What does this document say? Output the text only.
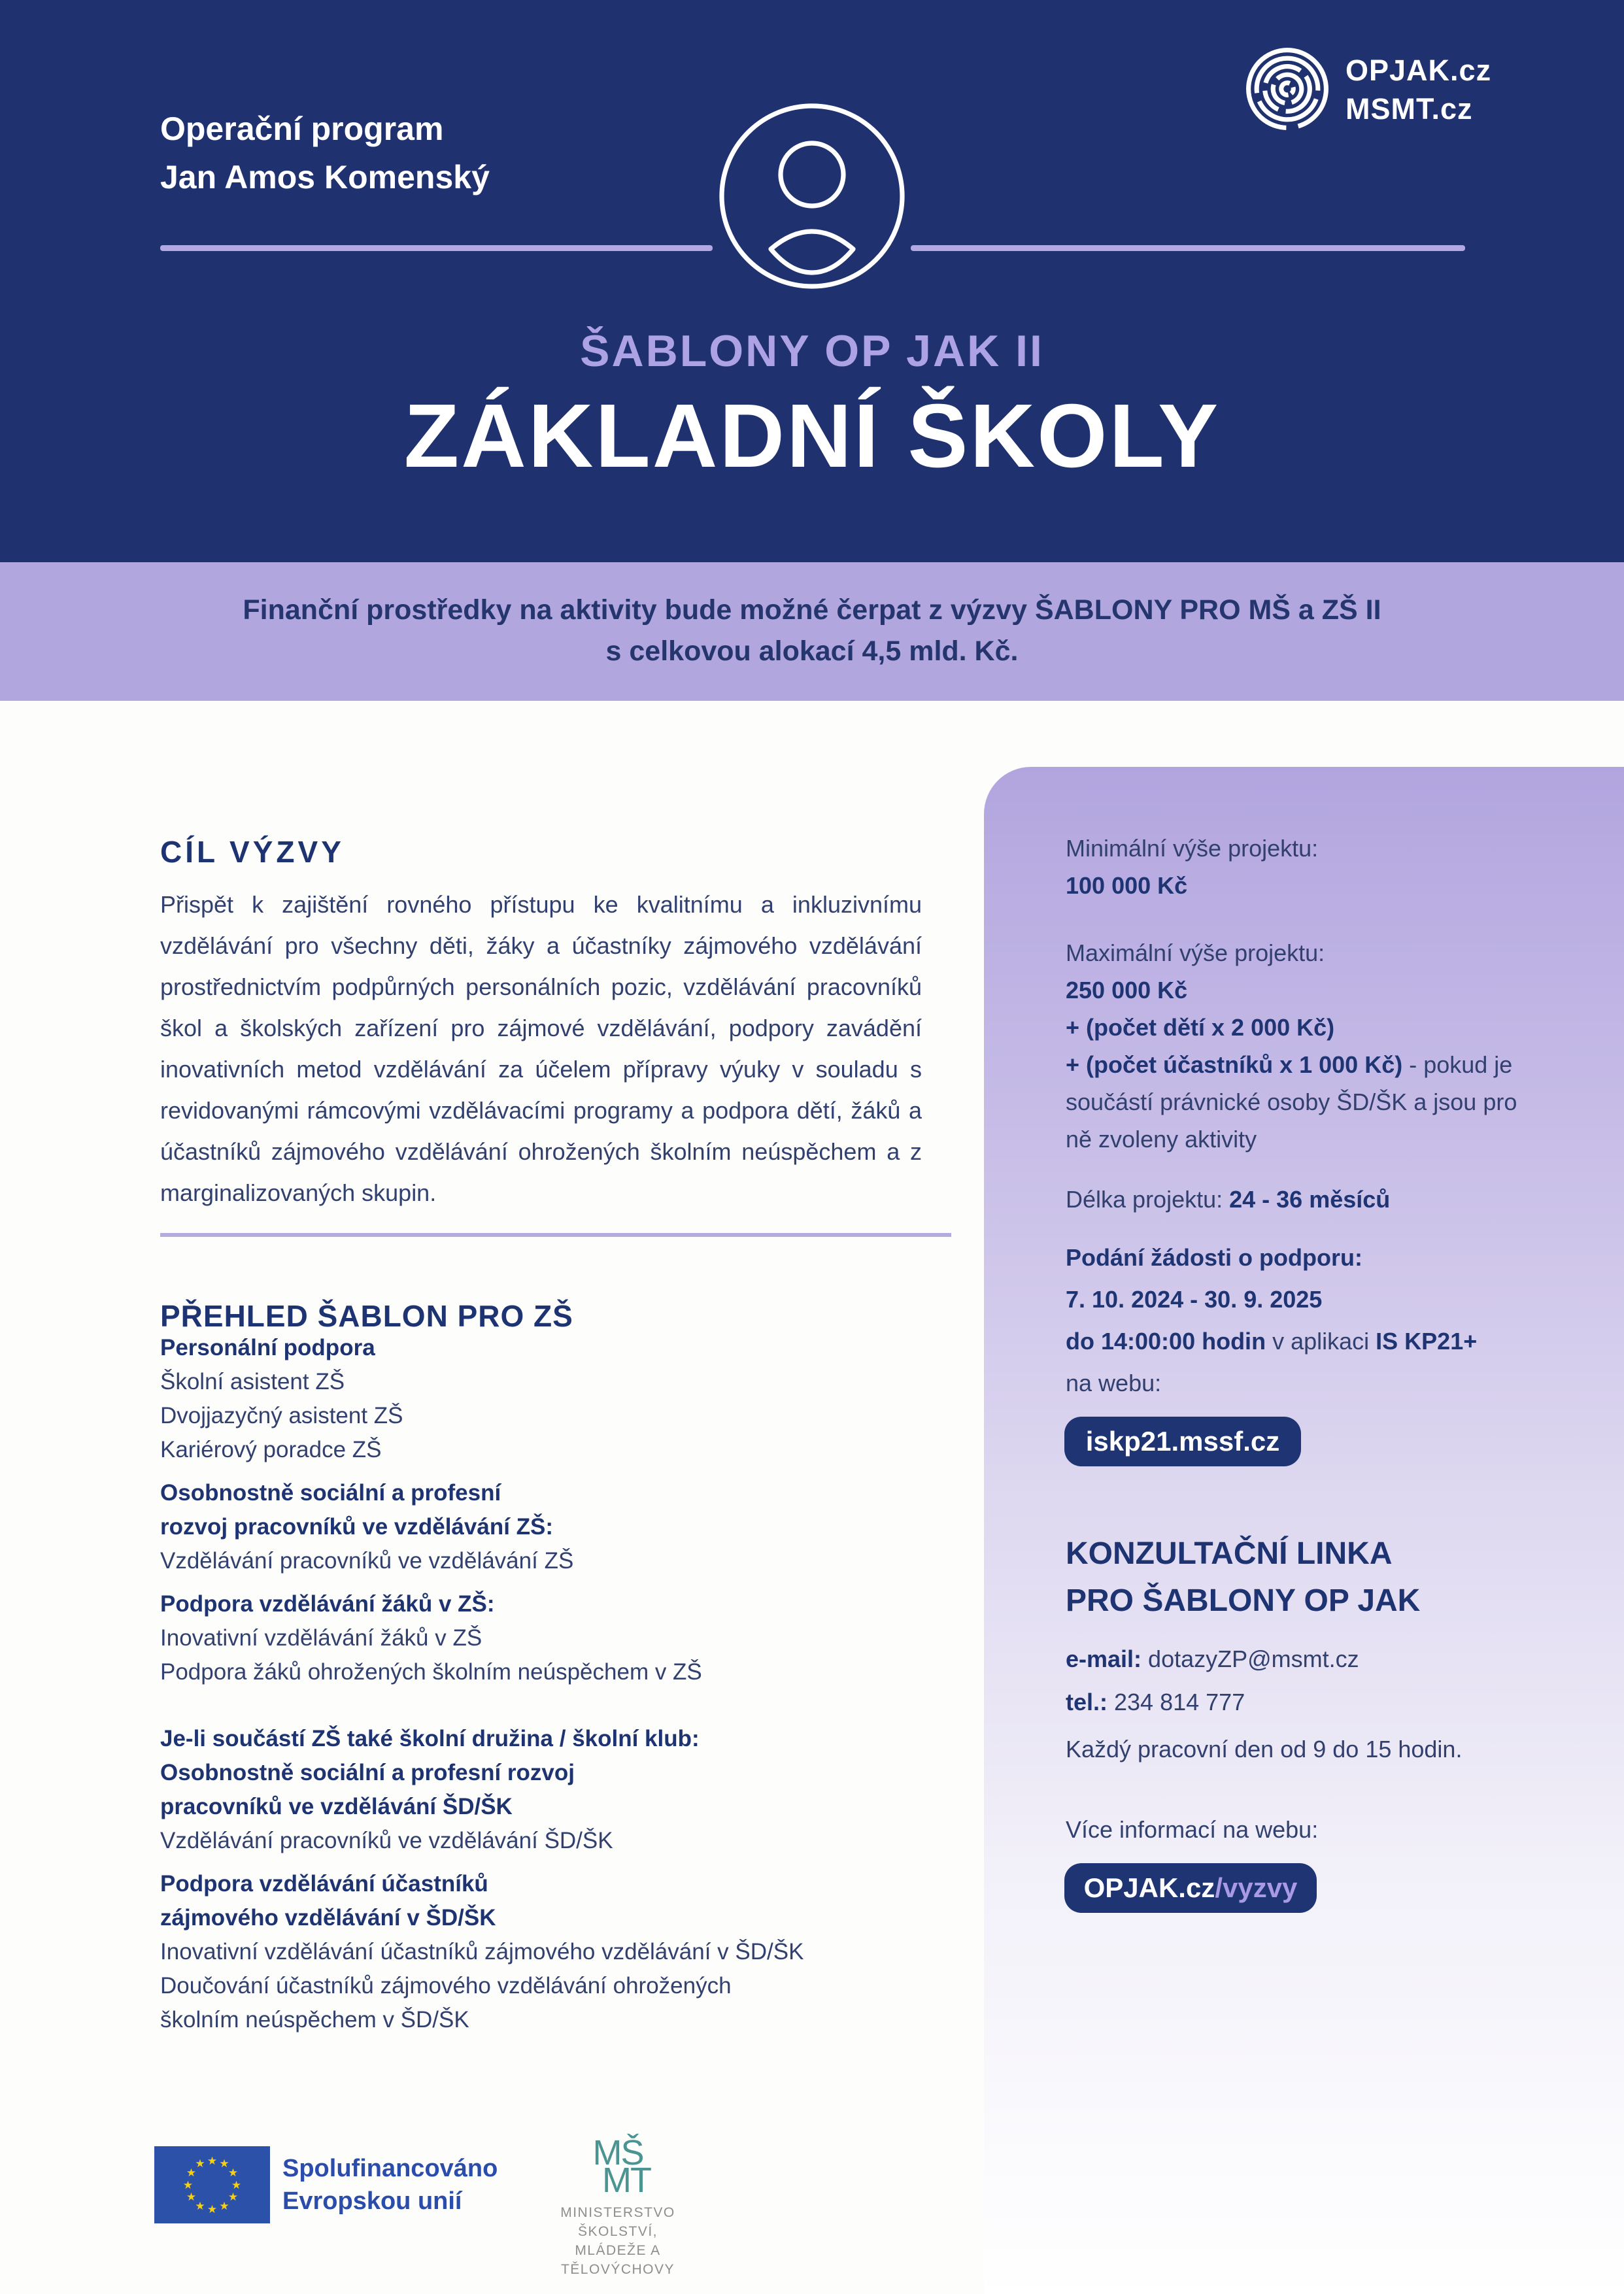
Operační program
Jan Amos Komenský
OPJAK.cz
MSMT.cz
ŠABLONY OP JAK II
ZÁKLADNÍ ŠKOLY
Finanční prostředky na aktivity bude možné čerpat z výzvy ŠABLONY PRO MŠ a ZŠ II
s celkovou alokací 4,5 mld. Kč.
CÍL VÝZVY

Přispět k zajištění rovného přístupu ke kvalitnímu a inkluzivnímu vzdělávání pro všechny děti, žáky a účastníky zájmového vzdělávání prostřednictvím podpůrných personálních pozic, vzdělávání pracovníků škol a školských zařízení pro zájmové vzdělávání, podpory zavádění inovativních metod vzdělávání za účelem přípravy výuky v souladu s revidovanými rámcovými vzdělávacími programy a podpora dětí, žáků a účastníků zájmového vzdělávání ohrožených školním neúspěchem a z marginalizovaných skupin.

PŘEHLED ŠABLON PRO ZŠ
Personální podpora
Školní asistent ZŠ
Dvojjazyčný asistent ZŠ
Kariérový poradce ZŠ
Osobnostně sociální a profesní
rozvoj pracovníků ve vzdělávání ZŠ:
Vzdělávání pracovníků ve vzdělávání ZŠ
Podpora vzdělávání žáků v ZŠ:
Inovativní vzdělávání žáků v ZŠ
Podpora žáků ohrožených školním neúspěchem v ZŠ
Je-li součástí ZŠ také školní družina / školní klub:
Osobnostně sociální a profesní rozvoj
pracovníků ve vzdělávání ŠD/ŠK
Vzdělávání pracovníků ve vzdělávání ŠD/ŠK
Podpora vzdělávání účastníků
zájmového vzdělávání v ŠD/ŠK
Inovativní vzdělávání účastníků zájmového vzdělávání v ŠD/ŠK
Doučování účastníků zájmového vzdělávání ohrožených
školním neúspěchem v ŠD/ŠK
Minimální výše projektu:
100 000 Kč
Maximální výše projektu:
250 000 Kč
+ (počet dětí x 2 000 Kč)
+ (počet účastníků x 1 000 Kč) - pokud je
součástí právnické osoby ŠD/ŠK a jsou pro
ně zvoleny aktivity
Délka projektu: 24 - 36 měsíců
Podání žádosti o podporu:
7. 10. 2024 - 30. 9. 2025
do 14:00:00 hodin v aplikaci IS KP21+
na webu:
iskp21.mssf.cz
KONZULTAČNÍ LINKA
PRO ŠABLONY OP JAK
e-mail: dotazyZP@msmt.cz
tel.: 234 814 777
Každý pracovní den od 9 do 15 hodin.
Více informací na webu:
OPJAK.cz /vyzvy
★ ★
★
★
★
★
★
★
★
★
★
★	Spolufinancováno
Evropskou unií
MŠ
MT
MINISTERSTVO ŠKOLSTVÍ,
MLÁDEŽE A TĚLOVÝCHOVY
